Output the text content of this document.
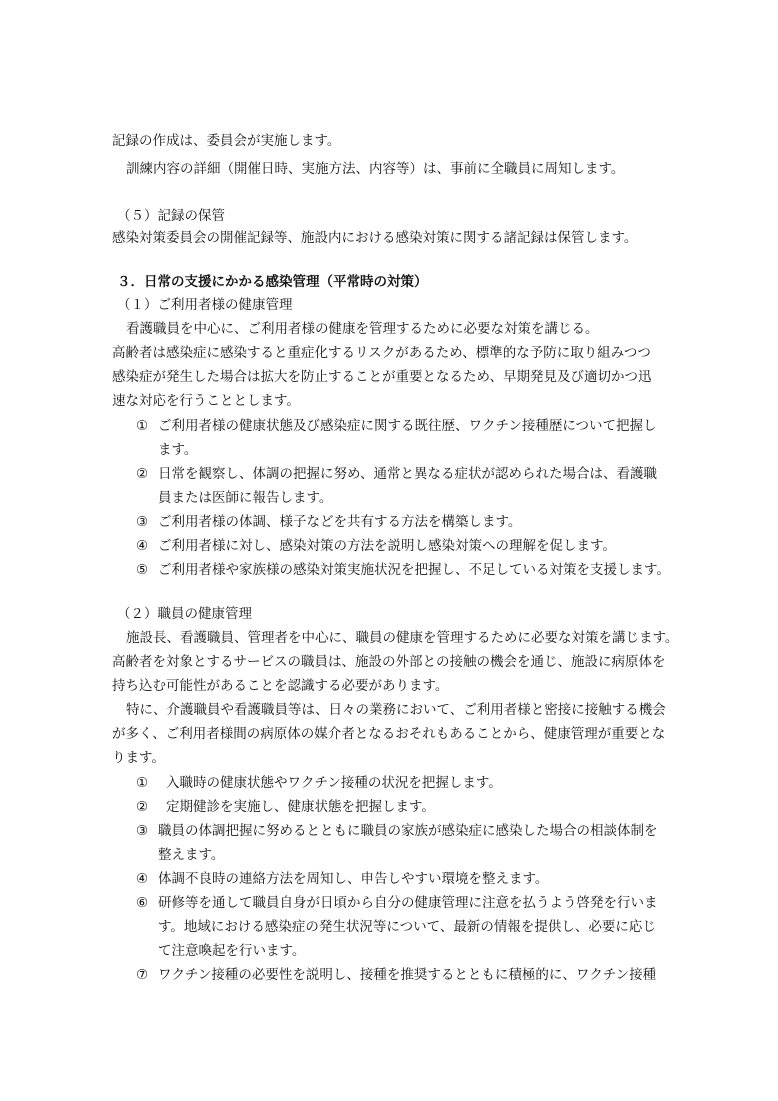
記録の作成は、委員会が実施します。
訓練内容の詳細（開催日時、実施方法、内容等）は、事前に全職員に周知します。
（５）記録の保管
感染対策委員会の開催記録等、施設内における感染対策に関する諸記録は保管します。
３．日常の支援にかかる感染管理（平常時の対策）
（１）ご利用者様の健康管理
看護職員を中心に、ご利用者様の健康を管理するために必要な対策を講じる。
高齢者は感染症に感染すると重症化するリスクがあるため、標準的な予防に取り組みつつ
感染症が発生した場合は拡大を防止することが重要となるため、早期発見及び適切かつ迅
速な対応を行うこととします。
① ご利用者様の健康状態及び感染症に関する既往歴、ワクチン接種歴について把握し
ます。
② 日常を観察し、体調の把握に努め、通常と異なる症状が認められた場合は、看護職
員または医師に報告します。
③ ご利用者様の体調、様子などを共有する方法を構築します。
④ ご利用者様に対し、感染対策の方法を説明し感染対策への理解を促します。
⑤ ご利用者様や家族様の感染対策実施状況を把握し、不足している対策を支援します。
（２）職員の健康管理
施設長、看護職員、管理者を中心に、職員の健康を管理するために必要な対策を講じます。
高齢者を対象とするサービスの職員は、施設の外部との接触の機会を通じ、施設に病原体を
持ち込む可能性があることを認識する必要があります。
特に、介護職員や看護職員等は、日々の業務において、ご利用者様と密接に接触する機会
が多く、ご利用者様間の病原体の媒介者となるおそれもあることから、健康管理が重要とな
ります。
① 入職時の健康状態やワクチン接種の状況を把握します。
② 定期健診を実施し、健康状態を把握します。
③ 職員の体調把握に努めるとともに職員の家族が感染症に感染した場合の相談体制を
整えます。
④ 体調不良時の連絡方法を周知し、申告しやすい環境を整えます。
⑥ 研修等を通して職員自身が日頃から自分の健康管理に注意を払うよう啓発を行いま
す。地域における感染症の発生状況等について、最新の情報を提供し、必要に応じ
て注意喚起を行います。
⑦ ワクチン接種の必要性を説明し、接種を推奨するとともに積極的に、ワクチン接種
